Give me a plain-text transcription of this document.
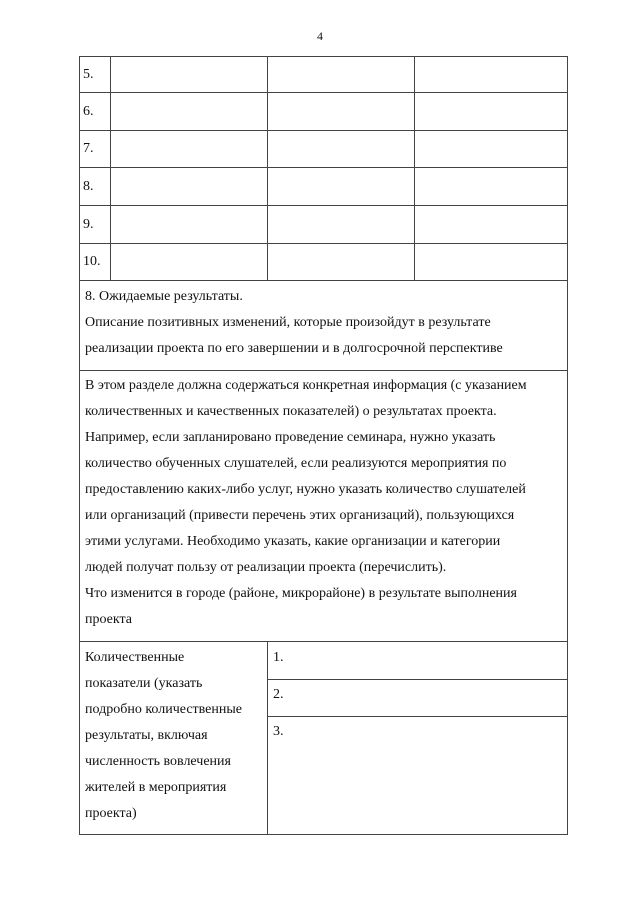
4
5.
6.
7.
8.
9.
10.
8. Ожидаемые результаты.
Описание позитивных изменений, которые произойдут в результате
реализации проекта по его завершении и в долгосрочной перспективе
В этом разделе должна содержаться конкретная информация (с указанием
количественных и качественных показателей) о результатах проекта.
Например, если запланировано проведение семинара, нужно указать
количество обученных слушателей, если реализуются мероприятия по
предоставлению каких-либо услуг, нужно указать количество слушателей
или организаций (привести перечень этих организаций), пользующихся
этими услугами. Необходимо указать, какие организации и категории
людей получат пользу от реализации проекта (перечислить).
Что изменится в городе (районе, микрорайоне) в результате выполнения
проекта
Количественные
показатели (указать
подробно количественные
результаты, включая
численность вовлечения
жителей в мероприятия
проекта)
1.
2.
3.
